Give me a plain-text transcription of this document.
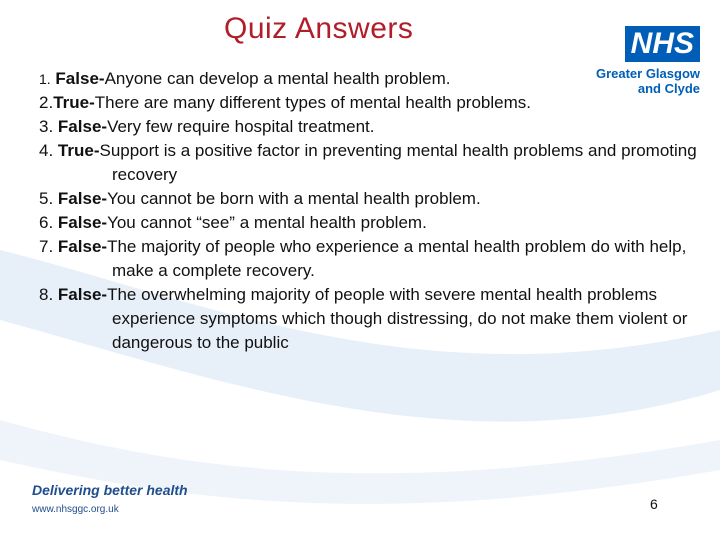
Quiz Answers	NHS
Greater Glasgow
and Clyde
1. False-Anyone can develop a mental health problem.
2.True-There are many different types of mental health problems.
3. False-Very few require hospital treatment.
4. True-Support is a positive factor in preventing mental health problems and promoting recovery
5. False-You cannot be born with a mental health problem.
6. False-You cannot “see” a mental health problem.
7. False-The majority of people who experience a mental health problem do with help, make a complete recovery.
8. False-The overwhelming majority of people with severe mental health problems experience symptoms which though distressing, do not make them violent or dangerous to the public
Delivering better health
www.nhsggc.org.uk	6
